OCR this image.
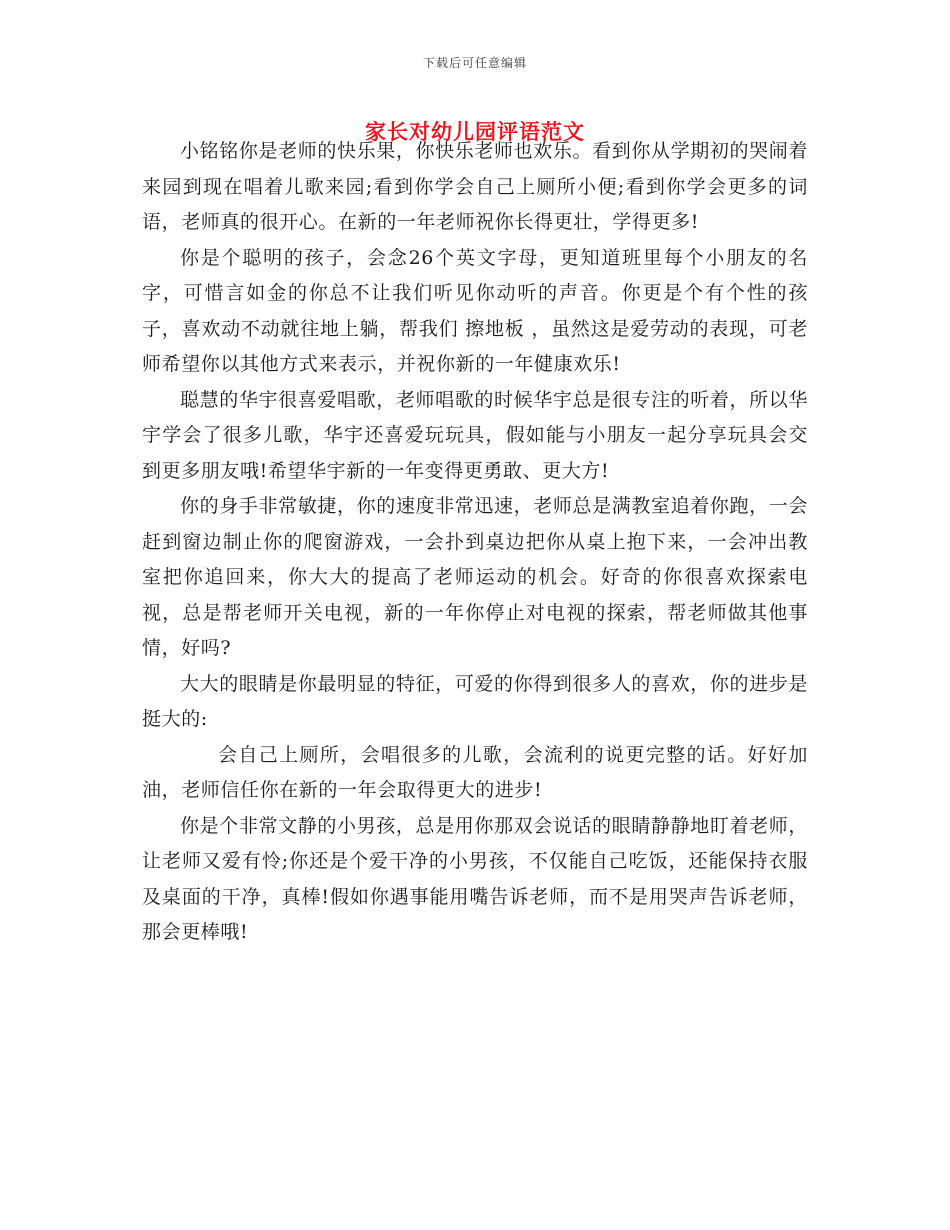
下载后可任意编辑
家长对幼儿园评语范文

小铭铭你是老师的快乐果，你快乐老师也欢乐。看到你从学期初的哭闹着来园到现在唱着儿歌来园;看到你学会自己上厕所小便;看到你学会更多的词语，老师真的很开心。在新的一年老师祝你长得更壮，学得更多!

你是个聪明的孩子，会念26个英文字母，更知道班里每个小朋友的名字，可惜言如金的你总不让我们听见你动听的声音。你更是个有个性的孩子，喜欢动不动就往地上躺，帮我们 擦地板 ，虽然这是爱劳动的表现，可老师希望你以其他方式来表示，并祝你新的一年健康欢乐!

聪慧的华宇很喜爱唱歌，老师唱歌的时候华宇总是很专注的听着，所以华宇学会了很多儿歌，华宇还喜爱玩玩具，假如能与小朋友一起分享玩具会交到更多朋友哦!希望华宇新的一年变得更勇敢、更大方!

你的身手非常敏捷，你的速度非常迅速，老师总是满教室追着你跑，一会赶到窗边制止你的爬窗游戏，一会扑到桌边把你从桌上抱下来，一会冲出教室把你追回来，你大大的提高了老师运动的机会。好奇的你很喜欢探索电视，总是帮老师开关电视，新的一年你停止对电视的探索，帮老师做其他事情，好吗?

大大的眼睛是你最明显的特征，可爱的你得到很多人的喜欢，你的进步是挺大的:

会自己上厕所，会唱很多的儿歌，会流利的说更完整的话。好好加油，老师信任你在新的一年会取得更大的进步!

你是个非常文静的小男孩，总是用你那双会说话的眼睛静静地盯着老师，让老师又爱有怜;你还是个爱干净的小男孩，不仅能自己吃饭，还能保持衣服及桌面的干净，真棒!假如你遇事能用嘴告诉老师，而不是用哭声告诉老师，那会更棒哦!
